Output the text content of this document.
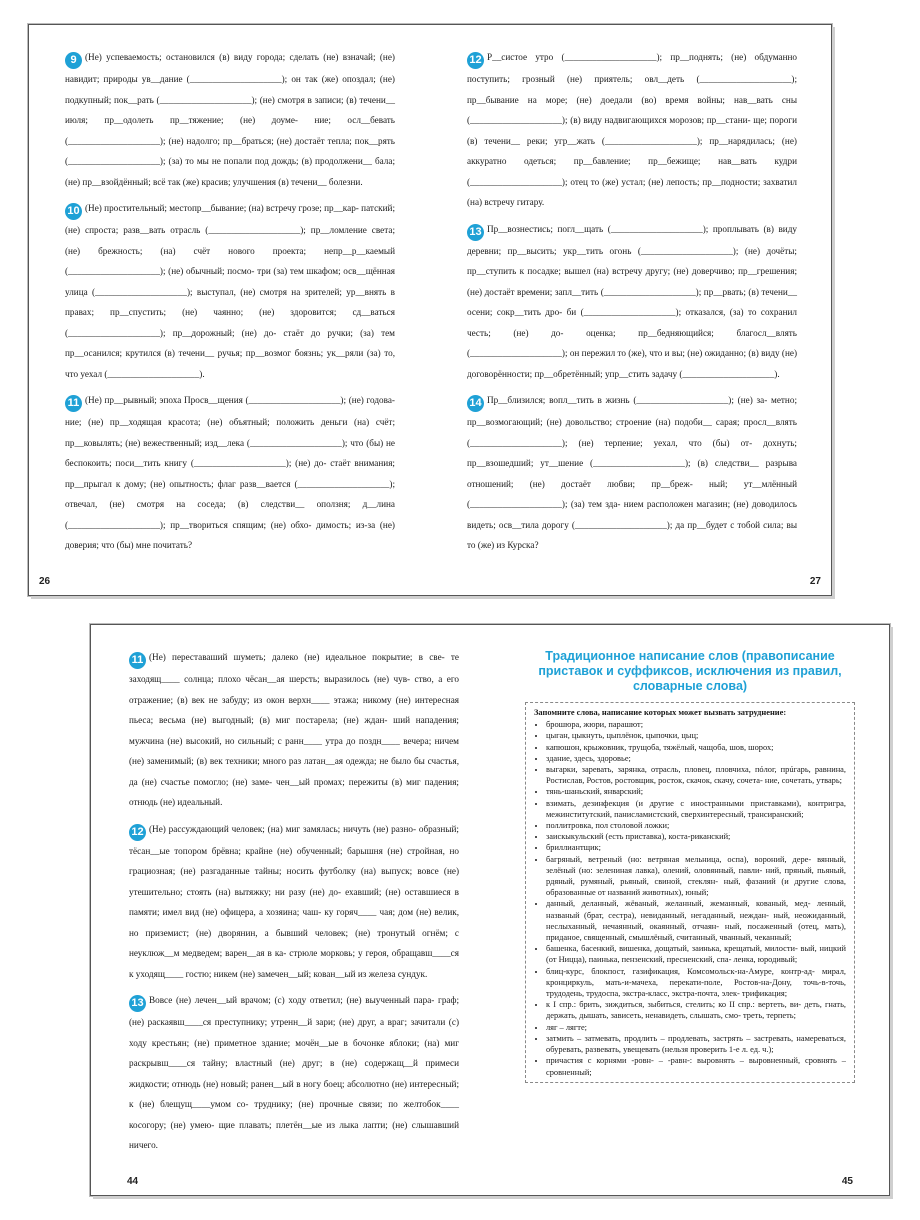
9 (Не) успеваемость; остановился (в) виду города; сделать (не) взначай; (не) навидит; природы ув__дание (____________________); он так (же) опоздал; (не) подкупный; пок__рать (____________________); (не) смотря в записи; (в) течени__ июля; пр__одолеть пр__тяжение; (не) доуме- ние; осл__бевать (____________________); (не) надолго; пр__браться; (не) достаёт тепла; пок__рять (____________________); (за) то мы не попали под дождь; (в) продолжени__ бала; (не) пр__взойдённый; всё так (же) красив; улучшения (в) течени__ болезни.

10 (Не) простительный; местопр__бывание; (на) встречу грозе; пр__кар- патский; (не) спроста; разв__вать отрасль (____________________); пр__ломление света; (не) брежность; (на) счёт нового проекта; непр__р__каемый (____________________); (не) обычный; посмо- три (за) тем шкафом; осв__щённая улица (____________________); выступал, (не) смотря на зрителей; ур__внять в правах; пр__спустить; (не) чаянно; (не) здоровится; сд__ваться (____________________); пр__дорожный; (не) до- стаёт до ручки; (за) тем пр__осанился; крутился (в) течени__ ручья; пр__возмог боязнь; ук__ряли (за) то, что уехал (____________________).

11 (Не) пр__рывный; эпоха Просв__щения (____________________); (не) годова- ние; (не) пр__ходящая красота; (не) объятный; положить деньги (на) счёт; пр__ковылять; (не) вежественный; изд__лека (____________________); что (бы) не беспокоить; поси__тить книгу (____________________); (не) до- стаёт внимания; пр__прыгал к дому; (не) опытность; флаг разв__вается (____________________); отвечал, (не) смотря на соседа; (в) следстви__ оползня; д__лина (____________________); пр__твориться спящим; (не) обхо- димость; из-за (не) доверия; что (бы) мне почитать?

12 Р__систое утро (____________________); пр__поднять; (не) обдуманно поступить; грозный (не) приятель; овл__деть (____________________); пр__бывание на море; (не) доедали (во) время войны; нав__вать сны (____________________); (в) виду надвигающихся морозов; пр__стани- ще; пороги (в) течени__ реки; угр__жать (____________________); пр__нарядилась; (не) аккуратно одеться; пр__бавление; пр__бежище; нав__вать кудри (____________________); отец то (же) устал; (не) лепость; пр__подности; захватил (на) встречу гитару.

13 Пр__вознестись; погл__щать (____________________); проплывать (в) виду деревни; пр__высить; укр__тить огонь (____________________); (не) дочёты; пр__ступить к посадке; вышел (на) встречу другу; (не) доверчиво; пр__грешения; (не) достаёт времени; запл__тить (____________________); пр__рвать; (в) течени__ осени; сокр__тить дро- би (____________________); отказался, (за) то сохранил честь; (не) до- оценка; пр__бедняющийся; благосл__влять (____________________); он пережил то (же), что и вы; (не) ожиданно; (в) виду (не) договорённости; пр__обретённый; упр__стить задачу (____________________).

14 Пр__близился; вопл__тить в жизнь (____________________); (не) за- метно; пр__возмогающий; (не) довольство; строение (на) подоби__ сарая; просл__влять (____________________); (не) терпение; уехал, что (бы) от- дохнуть; пр__взошедший; ут__шение (____________________); (в) следстви__ разрыва отношений; (не) достаёт любви; пр__бреж- ный; ут__млённый (____________________); (за) тем зда- нием расположен магазин; (не) доводилось видеть; осв__тила дорогу (____________________); да пр__будет с тобой сила; вы то (же) из Курска?

26	27

11 (Не) переставаший шуметь; далеко (не) идеальное покрытие; в све- те заходящ____ солнца; плохо чёсан__ая шерсть; выразилось (не) чув- ство, а его отражение; (в) век не забуду; из окон верхн____ этажа; никому (не) интересная пьеса; весьма (не) выгодный; (в) миг постарела; (не) ждан- ший нападения; мужчина (не) высокий, но сильный; с ранн____ утра до поздн____ вечера; ничем (не) заменимый; (в) век техники; много раз латан__ая одежда; не было бы счастья, да (не) счастье помогло; (не) заме- чен__ый промах; пережиты (в) миг падения; отнюдь (не) идеальный.

12 (Не) рассуждающий человек; (на) миг замялась; ничуть (не) разно- образный; тёсан__ые топором брёвна; крайне (не) обученный; барышня (не) стройная, но грациозная; (не) разгаданные тайны; носить футболку (на) выпуск; вовсе (не) утешительно; стоять (на) вытяжку; ни разу (не) до- ехавший; (не) оставшиеся в памяти; имел вид (не) офицера, а хозяина; чаш- ку горяч____ чая; дом (не) велик, но приземист; (не) дворянин, а бывший человек; (не) тронутый огнём; с неуклюж__м медведем; варен__ая в ка- стрюле морковь; у героя, обращавш____ся к уходящ____ гостю; никем (не) замечен__ый; кован__ый из железа сундук.

13 Вовсе (не) лечен__ый врачом; (с) ходу ответил; (не) выученный пара- граф; (не) раскаявш____ся преступнику; утренн__й зари; (не) друг, а враг; зачитали (с) ходу крестьян; (не) приметное здание; мочён__ые в бочонке яблоки; (на) миг раскрывш____ся тайну; властный (не) друг; в (не) содержащ__й примеси жидкости; отнюдь (не) новый; ранен__ый в ногу боец; абсолютно (не) интересный; к (не) блещущ____умом со- труднику; (не) прочные связи; по желтобок____ косогору; (не) умею- щие плавать; плетён__ые из лыка лапти; (не) слышавший ничего.

Традиционное написание слов (правописание приставок и суффиксов, исключения из правил, словарные слова)
Запомните слова, написание которых может вызвать затруднение:
• брошюра, жюри, парашют;
• цыган, цыкнуть, цыплёнок, цыпочки, цыц;
• капюшон, крыжовник, трущоба, тяжёлый, чащоба, шов, шорох;
• здание, здесь, здоровье;
• выгарки, заревать, зарянка, отрасль, пловец, пловчиха, пóлог, прúгарь, равнина, Ростислав, Ростов, ростовщик, росток, скачок, скачу, сочета- ние, сочетать, утварь;
• тянь-шаньский, январский;
• взимать, дезинфекция (и другие с иностранными приставками), контригра, межинститутский, панисламистский, сверхинтересный, трансиранский;
• поллитровка, пол столовой ложки;
• заискыкульский (есть приставка), коста-риканский;
• бриллиантщик;
• багряный, ветреный (но: ветряная мельница, оспа), вороний, дере- вянный, зелёный (но: зелениная лавка), олений, оловянный, павли- ний, пряный, пьяный, рдяный, румяный, рьяный, свиной, стеклян- ный, фазаний (и другие слова, образованные от названий животных), юный;
• данный, деланный, жёваный, желанный, жеманный, кованый, мед- ленный, названый (брат, сестра), невиданный, негаданный, неждан- ный, неожиданный, неслыханный, нечаянный, окаянный, отчаян- ный, посаженный (отец, мать), приданое, священный, смышлёный, считанный, чванный, чеканный;
• башенка, басенкий, вишенка, дощатый, заинька, крещатый, милости- вый, ницкий (от Ницца), паинька, пензенский, пресненский, спа- ленка, юродивый;
• блиц-курс, блокпост, газификация, Комсомольск-на-Амуре, контр-ад- мирал, кронциркуль, мать-и-мачеха, перекати-поле, Ростов-на-Дону, точь-в-точь, трудодень, трудоспа, экстра-класс, экстра-почта, элек- трификация;
• к I спр.: брить, зиждиться, зыбиться, стелить; ко II спр.: вертеть, ви- деть, гнать, держать, дышать, зависеть, ненавидеть, слышать, смо- треть, терпеть;
• ляг – лягте;
• затмить – затмевать, продлить – продлевать, застрять – застревать, намереваться, обуревать, развевать, увещевать (нельзя проверить 1-е л. ед. ч.);
• причастия с корнями -ровн- – -равн-: выровнять – выровненный, сровнять – сровненный;
44	45
